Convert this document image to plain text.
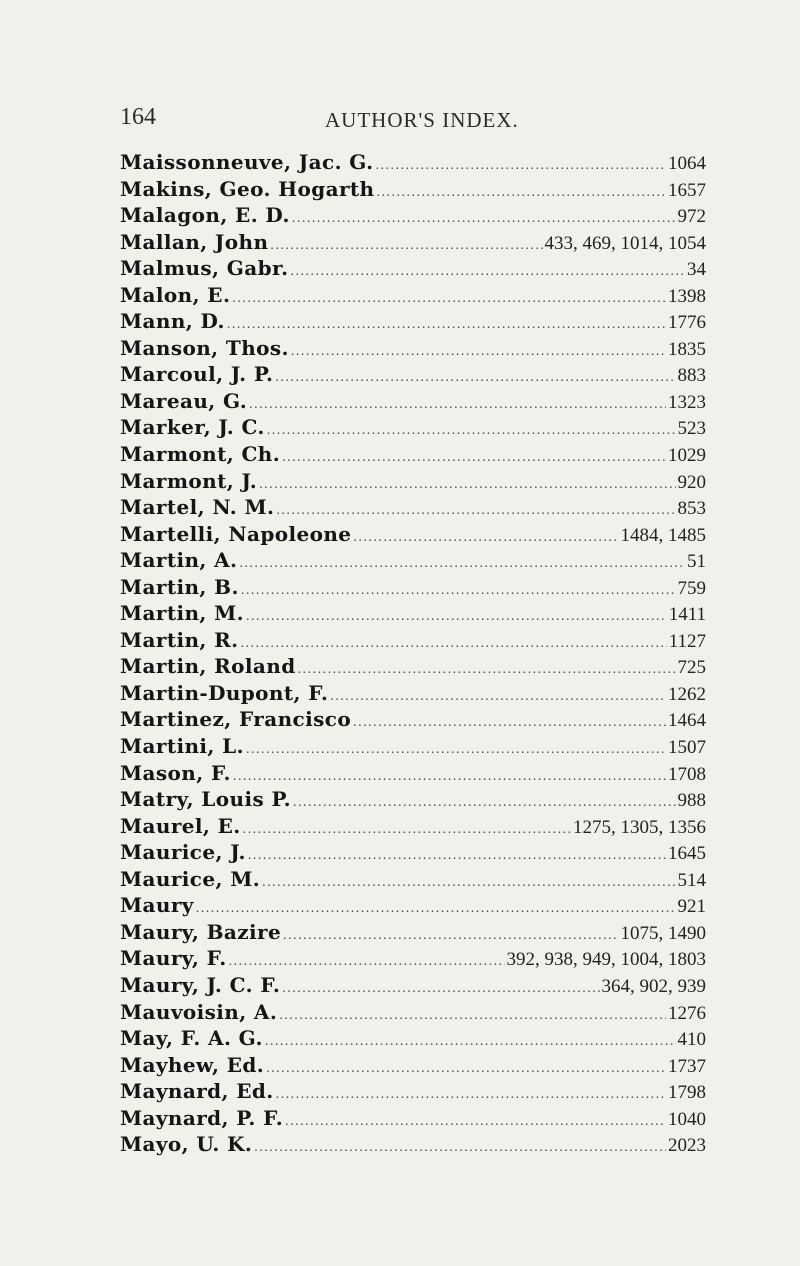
164	AUTHOR'S INDEX.
Maissonneuve, Jac. G. .....	1064
Makins, Geo. Hogarth .....	1657
Malagon, E. D. .....	972
Mallan, John .....	433, 469, 1014, 1054
Malmus, Gabr. .....	34
Malon, E. .....	1398
Mann, D. .....	1776
Manson, Thos. .....	1835
Marcoul, J. P. .....	883
Mareau, G. .....	1323
Marker, J. C. .....	523
Marmont, Ch. .....	1029
Marmont, J. .....	920
Martel, N. M. .....	853
Martelli, Napoleone .....	1484, 1485
Martin, A. .....	51
Martin, B. .....	759
Martin, M. .....	1411
Martin, R. .....	1127
Martin, Roland .....	725
Martin-Dupont, F. .....	1262
Martinez, Francisco .....	1464
Martini, L. .....	1507
Mason, F. .....	1708
Matry, Louis P. .....	988
Maurel, E. .....	1275, 1305, 1356
Maurice, J. .....	1645
Maurice, M. .....	514
Maury .....	921
Maury, Bazire .....	1075, 1490
Maury, F. .....	392, 938, 949, 1004, 1803
Maury, J. C. F. .....	364, 902, 939
Mauvoisin, A. .....	1276
May, F. A. G. .....	410
Mayhew, Ed. .....	1737
Maynard, Ed. .....	1798
Maynard, P. F. .....	1040
Mayo, U. K. .....	2023
